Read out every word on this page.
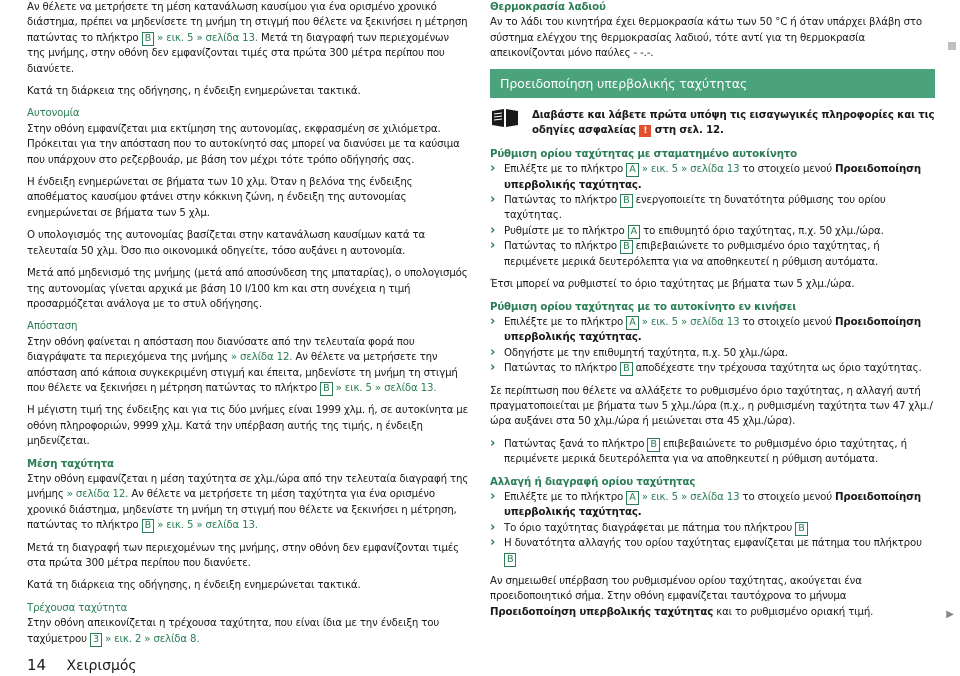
Αν θέλετε να μετρήσετε τη μέση κατανάλωση καυσίμου για ένα ορισμένο χρονικό διάστημα, πρέπει να μηδενίσετε τη μνήμη τη στιγμή που θέλετε να ξεκινήσει η μέτρηση πατώντας το πλήκτρο B » εικ. 5 » σελίδα 13. Μετά τη διαγραφή των περιεχομένων της μνήμης, στην οθόνη δεν εμφανίζονται τιμές στα πρώτα 300 μέτρα περίπου που διανύετε.

Κατά τη διάρκεια της οδήγησης, η ένδειξη ενημερώνεται τακτικά.

Αυτονομία
Στην οθόνη εμφανίζεται μια εκτίμηση της αυτονομίας, εκφρασμένη σε χιλιόμετρα. Πρόκειται για την απόσταση που το αυτοκίνητό σας μπορεί να διανύσει με τα καύσιμα που υπάρχουν στο ρεζερβουάρ, με βάση τον μέχρι τότε τρόπο οδήγησής σας.

Η ένδειξη ενημερώνεται σε βήματα των 10 χλμ. Όταν η βελόνα της ένδειξης αποθέματος καυσίμου φτάνει στην κόκκινη ζώνη, η ένδειξη της αυτονομίας ενημερώνεται σε βήματα των 5 χλμ.

Ο υπολογισμός της αυτονομίας βασίζεται στην κατανάλωση καυσίμων κατά τα τελευταία 50 χλμ. Όσο πιο οικονομικά οδηγείτε, τόσο αυξάνει η αυτονομία.

Μετά από μηδενισμό της μνήμης (μετά από αποσύνδεση της μπαταρίας), ο υπολογισμός της αυτονομίας γίνεται αρχικά με βάση 10 l/100 km και στη συνέχεια η τιμή προσαρμόζεται ανάλογα με το στυλ οδήγησης.

Απόσταση
Στην οθόνη φαίνεται η απόσταση που διανύσατε από την τελευταία φορά που διαγράψατε τα περιεχόμενα της μνήμης » σελίδα 12. Αν θέλετε να μετρήσετε την απόσταση από κάποια συγκεκριμένη στιγμή και έπειτα, μηδενίστε τη μνήμη τη στιγμή που θέλετε να ξεκινήσει η μέτρηση πατώντας το πλήκτρο B » εικ. 5 » σελίδα 13.

Η μέγιστη τιμή της ένδειξης και για τις δύο μνήμες είναι 1999 χλμ. ή, σε αυτοκίνητα με οθόνη πληροφοριών, 9999 χλμ. Κατά την υπέρβαση αυτής της τιμής, η ένδειξη μηδενίζεται.

Μέση ταχύτητα
Στην οθόνη εμφανίζεται η μέση ταχύτητα σε χλμ./ώρα από την τελευταία διαγραφή της μνήμης » σελίδα 12. Αν θέλετε να μετρήσετε τη μέση ταχύτητα για ένα ορισμένο χρονικό διάστημα, μηδενίστε τη μνήμη τη στιγμή που θέλετε να ξεκινήσει η μέτρηση, πατώντας το πλήκτρο B » εικ. 5 » σελίδα 13.

Μετά τη διαγραφή των περιεχομένων της μνήμης, στην οθόνη δεν εμφανίζονται τιμές στα πρώτα 300 μέτρα περίπου που διανύετε.

Κατά τη διάρκεια της οδήγησης, η ένδειξη ενημερώνεται τακτικά.

Τρέχουσα ταχύτητα
Στην οθόνη απεικονίζεται η τρέχουσα ταχύτητα, που είναι ίδια με την ένδειξη του ταχύμετρου 3 » εικ. 2 » σελίδα 8.

Θερμοκρασία λαδιού
Αν το λάδι του κινητήρα έχει θερμοκρασία κάτω των 50 °C ή όταν υπάρχει βλάβη στο σύστημα ελέγχου της θερμοκρασίας λαδιού, τότε αντί για τη θερμοκρασία απεικονίζονται μόνο παύλες - -.-.

Προειδοποίηση υπερβολικής ταχύτητας
Διαβάστε και λάβετε πρώτα υπόψη τις εισαγωγικές πληροφορίες και τις οδηγίες ασφαλείας ! στη σελ. 12.
Ρύθμιση ορίου ταχύτητας με σταματημένο αυτοκίνητο
› Επιλέξτε με το πλήκτρο A » εικ. 5 » σελίδα 13 το στοιχείο μενού Προειδοποίηση υπερβολικής ταχύτητας.
› Πατώντας το πλήκτρο B ενεργοποιείτε τη δυνατότητα ρύθμισης του ορίου ταχύτητας.
› Ρυθμίστε με το πλήκτρο A το επιθυμητό όριο ταχύτητας, π.χ. 50 χλμ./ώρα.
› Πατώντας το πλήκτρο B επιβεβαιώνετε το ρυθμισμένο όριο ταχύτητας, ή περιμένετε μερικά δευτερόλεπτα για να αποθηκευτεί η ρύθμιση αυτόματα.

Έτσι μπορεί να ρυθμιστεί το όριο ταχύτητας με βήματα των 5 χλμ./ώρα.

Ρύθμιση ορίου ταχύτητας με το αυτοκίνητο εν κινήσει
› Επιλέξτε με το πλήκτρο A » εικ. 5 » σελίδα 13 το στοιχείο μενού Προειδοποίηση υπερβολικής ταχύτητας.
› Οδηγήστε με την επιθυμητή ταχύτητα, π.χ. 50 χλμ./ώρα.
› Πατώντας το πλήκτρο B αποδέχεστε την τρέχουσα ταχύτητα ως όριο ταχύτητας.

Σε περίπτωση που θέλετε να αλλάξετε το ρυθμισμένο όριο ταχύτητας, η αλλαγή αυτή πραγματοποιείται με βήματα των 5 χλμ./ώρα (π.χ., η ρυθμισμένη ταχύτητα των 47 χλμ./ώρα αυξάνει στα 50 χλμ./ώρα ή μειώνεται στα 45 χλμ./ώρα).

› Πατώντας ξανά το πλήκτρο B επιβεβαιώνετε το ρυθμισμένο όριο ταχύτητας, ή περιμένετε μερικά δευτερόλεπτα για να αποθηκευτεί η ρύθμιση αυτόματα.
Αλλαγή ή διαγραφή ορίου ταχύτητας
› Επιλέξτε με το πλήκτρο A » εικ. 5 » σελίδα 13 το στοιχείο μενού Προειδοποίηση υπερβολικής ταχύτητας.
› Το όριο ταχύτητας διαγράφεται με πάτημα του πλήκτρου B
› Η δυνατότητα αλλαγής του ορίου ταχύτητας εμφανίζεται με πάτημα του πλήκτρου B

Αν σημειωθεί υπέρβαση του ρυθμισμένου ορίου ταχύτητας, ακούγεται ένα προειδοποιητικό σήμα. Στην οθόνη εμφανίζεται ταυτόχρονα το μήνυμα Προειδοποίηση υπερβολικής ταχύτητας και το ρυθμισμένο οριακή τιμή.	▶
14 Χειρισμός
